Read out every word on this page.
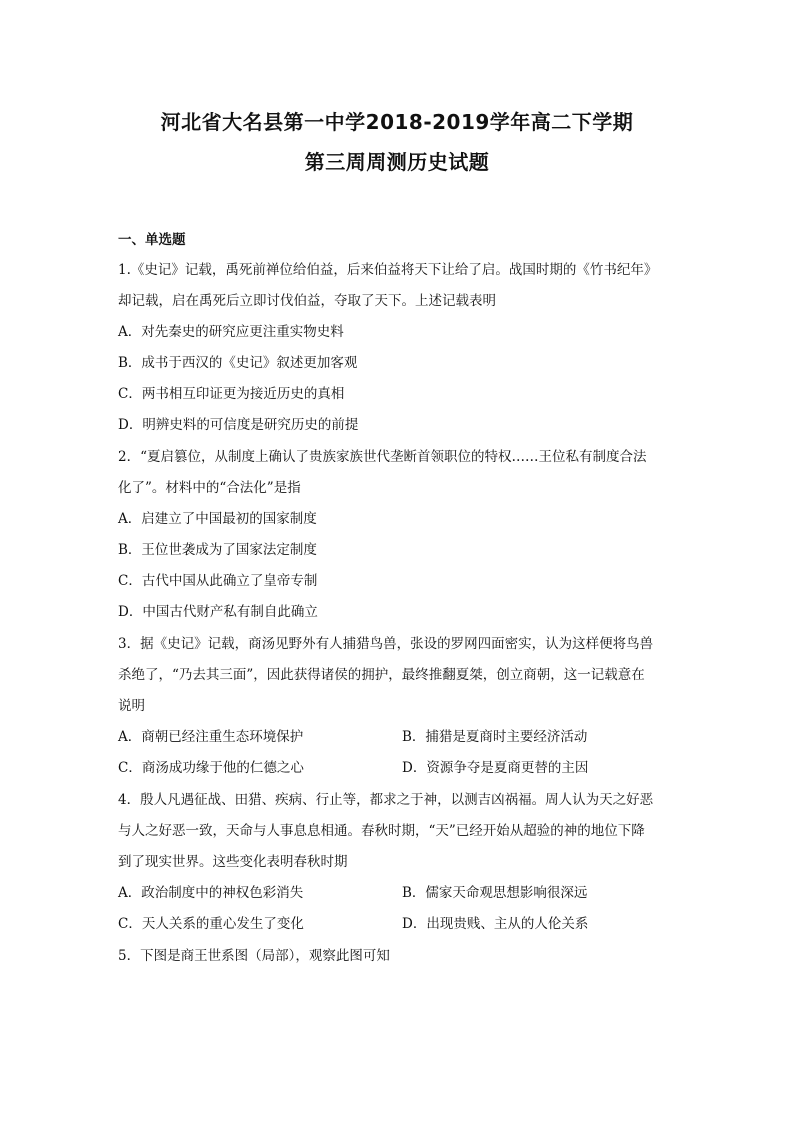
河北省大名县第一中学2018-2019学年高二下学期
第三周周测历史试题
一、单选题
1.《史记》记载，禹死前禅位给伯益，后来伯益将天下让给了启。战国时期的《竹书纪年》
却记载，启在禹死后立即讨伐伯益，夺取了天下。上述记载表明
A．对先秦史的研究应更注重实物史料
B．成书于西汉的《史记》叙述更加客观
C．两书相互印证更为接近历史的真相
D．明辨史料的可信度是研究历史的前提
2．“夏启篡位，从制度上确认了贵族家族世代垄断首领职位的特权……王位私有制度合法
化了”。材料中的“合法化”是指
A．启建立了中国最初的国家制度
B．王位世袭成为了国家法定制度
C．古代中国从此确立了皇帝专制
D．中国古代财产私有制自此确立
3．据《史记》记载，商汤见野外有人捕猎鸟兽，张设的罗网四面密实，认为这样便将鸟兽
杀绝了，“乃去其三面”，因此获得诸侯的拥护，最终推翻夏桀，创立商朝，这一记载意在
说明
A．商朝已经注重生态环境保护	B．捕猎是夏商时主要经济活动
C．商汤成功缘于他的仁德之心	D．资源争夺是夏商更替的主因
4．殷人凡遇征战、田猎、疾病、行止等，都求之于神，以测吉凶祸福。周人认为天之好恶
与人之好恶一致，天命与人事息息相通。春秋时期，“天”已经开始从超验的神的地位下降
到了现实世界。这些变化表明春秋时期
A．政治制度中的神权色彩消失	B．儒家天命观思想影响很深远
C．天人关系的重心发生了变化	D．出现贵贱、主从的人伦关系
5．下图是商王世系图（局部），观察此图可知
